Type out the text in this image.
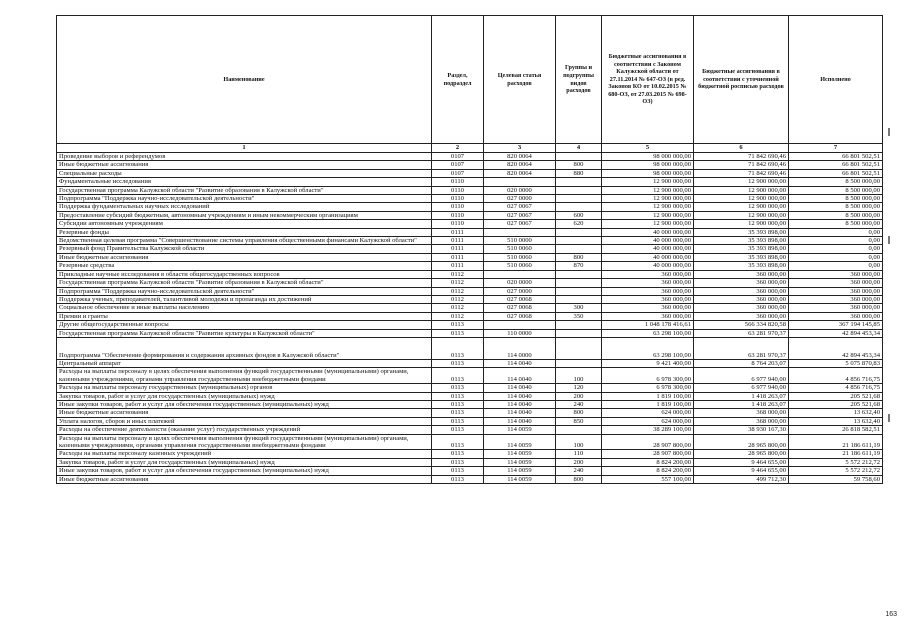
Наименование	Раздел, подраздел	Целевая статья расходов	Группы и подгруппы видов расходов	Бюджетные ассигнования в соответствии с Законом Калужской области от 27.11.2014 № 647-ОЗ (в ред. Законов КО от 10.02.2015 № 680-ОЗ, от 27.03.2015 № 698-ОЗ)	Бюджетные ассигнования в соответствии с уточненной бюджетной росписью расходов	Исполнено
1	2	3	4	5	6	7
Проведение выборов и референдумов	0107	820 0064		98 000 000,00	71 842 690,46	66 801 502,51
Иные бюджетные ассигнования	0107	820 0064	800	98 000 000,00	71 842 690,46	66 801 502,51
Специальные расходы	0107	820 0064	880	98 000 000,00	71 842 690,46	66 801 502,51
Фундаментальные исследования	0110			12 900 000,00	12 900 000,00	8 500 000,00
Государственная программа Калужской области "Развитие образования в Калужской области"	0110	020 0000		12 900 000,00	12 900 000,00	8 500 000,00
Подпрограмма "Поддержка научно-исследовательской деятельности"	0110	027 0000		12 900 000,00	12 900 000,00	8 500 000,00
Поддержка фундаментальных научных исследований	0110	027 0067		12 900 000,00	12 900 000,00	8 500 000,00
Предоставление субсидий бюджетным, автономным учреждениям и иным некоммерческим организациям	0110	027 0067	600	12 900 000,00	12 900 000,00	8 500 000,00
Субсидии автономным учреждениям	0110	027 0067	620	12 900 000,00	12 900 000,00	8 500 000,00
Резервные фонды	0111			40 000 000,00	35 393 898,00	0,00
Ведомственная целевая программа "Совершенствование системы управления общественными финансами Калужской области"	0111	510 0000		40 000 000,00	35 393 898,00	0,00
Резервный фонд Правительства Калужской области	0111	510 0060		40 000 000,00	35 393 898,00	0,00
Иные бюджетные ассигнования	0111	510 0060	800	40 000 000,00	35 393 898,00	0,00
Резервные средства	0111	510 0060	870	40 000 000,00	35 393 898,00	0,00
Прикладные научные исследования в области общегосударственных вопросов	0112			360 000,00	360 000,00	360 000,00
Государственная программа Калужской области "Развитие образования в Калужской области"	0112	020 0000		360 000,00	360 000,00	360 000,00
Подпрограмма "Поддержка научно-исследовательской деятельности"	0112	027 0000		360 000,00	360 000,00	360 000,00
Поддержка ученых, преподавателей, талантливой молодежи и пропаганда их достижений	0112	027 0068		360 000,00	360 000,00	360 000,00
Социальное обеспечение и иные выплаты населению	0112	027 0068	300	360 000,00	360 000,00	360 000,00
Премии и гранты	0112	027 0068	350	360 000,00	360 000,00	360 000,00
Другие общегосударственные вопросы	0113			1 048 178 416,61	566 334 820,58	367 194 145,85
Государственная программа Калужской области "Развитие культуры в Калужской области"	0113	110 0000		63 298 100,00	63 281 970,37	42 894 453,34
Подпрограмма "Обеспечение формирования и содержания архивных фондов в Калужской области"	0113	114 0000		63 298 100,00	63 281 970,37	42 894 453,34
Центральный аппарат	0113	114 0040		9 421 400,00	8 764 203,07	5 075 870,83
Расходы на выплаты персоналу в целях обеспечения выполнения функций государственными (муниципальными) органами, казенными учреждениями, органами управления государственными внебюджетными фондами	0113	114 0040	100	6 978 300,00	6 977 940,00	4 856 716,75
Расходы на выплаты персоналу государственных (муниципальных) органов	0113	114 0040	120	6 978 300,00	6 977 940,00	4 856 716,75
Закупка товаров, работ и услуг для государственных (муниципальных) нужд	0113	114 0040	200	1 819 100,00	1 418 263,07	205 521,68
Иные закупки товаров, работ и услуг для обеспечения государственных (муниципальных) нужд	0113	114 0040	240	1 819 100,00	1 418 263,07	205 521,68
Иные бюджетные ассигнования	0113	114 0040	800	624 000,00	368 000,00	13 632,40
Уплата налогов, сборов и иных платежей	0113	114 0040	850	624 000,00	368 000,00	13 632,40
Расходы на обеспечение деятельности (оказание услуг) государственных учреждений	0113	114 0059		38 289 100,00	38 930 167,30	26 818 582,51
Расходы на выплаты персоналу в целях обеспечения выполнения функций государственными (муниципальными) органами, казенными учреждениями, органами управления государственными внебюджетными фондами	0113	114 0059	100	28 907 800,00	28 965 800,00	21 186 611,19
Расходы на выплаты персоналу казенных учреждений	0113	114 0059	110	28 907 800,00	28 965 800,00	21 186 611,19
Закупка товаров, работ и услуг для государственных (муниципальных) нужд	0113	114 0059	200	8 824 200,00	9 464 655,00	5 572 212,72
Иные закупки товаров, работ и услуг для обеспечения государственных (муниципальных) нужд	0113	114 0059	240	8 824 200,00	9 464 655,00	5 572 212,72
Иные бюджетные ассигнования	0113	114 0059	800	557 100,00	499 712,30	59 758,60
163
